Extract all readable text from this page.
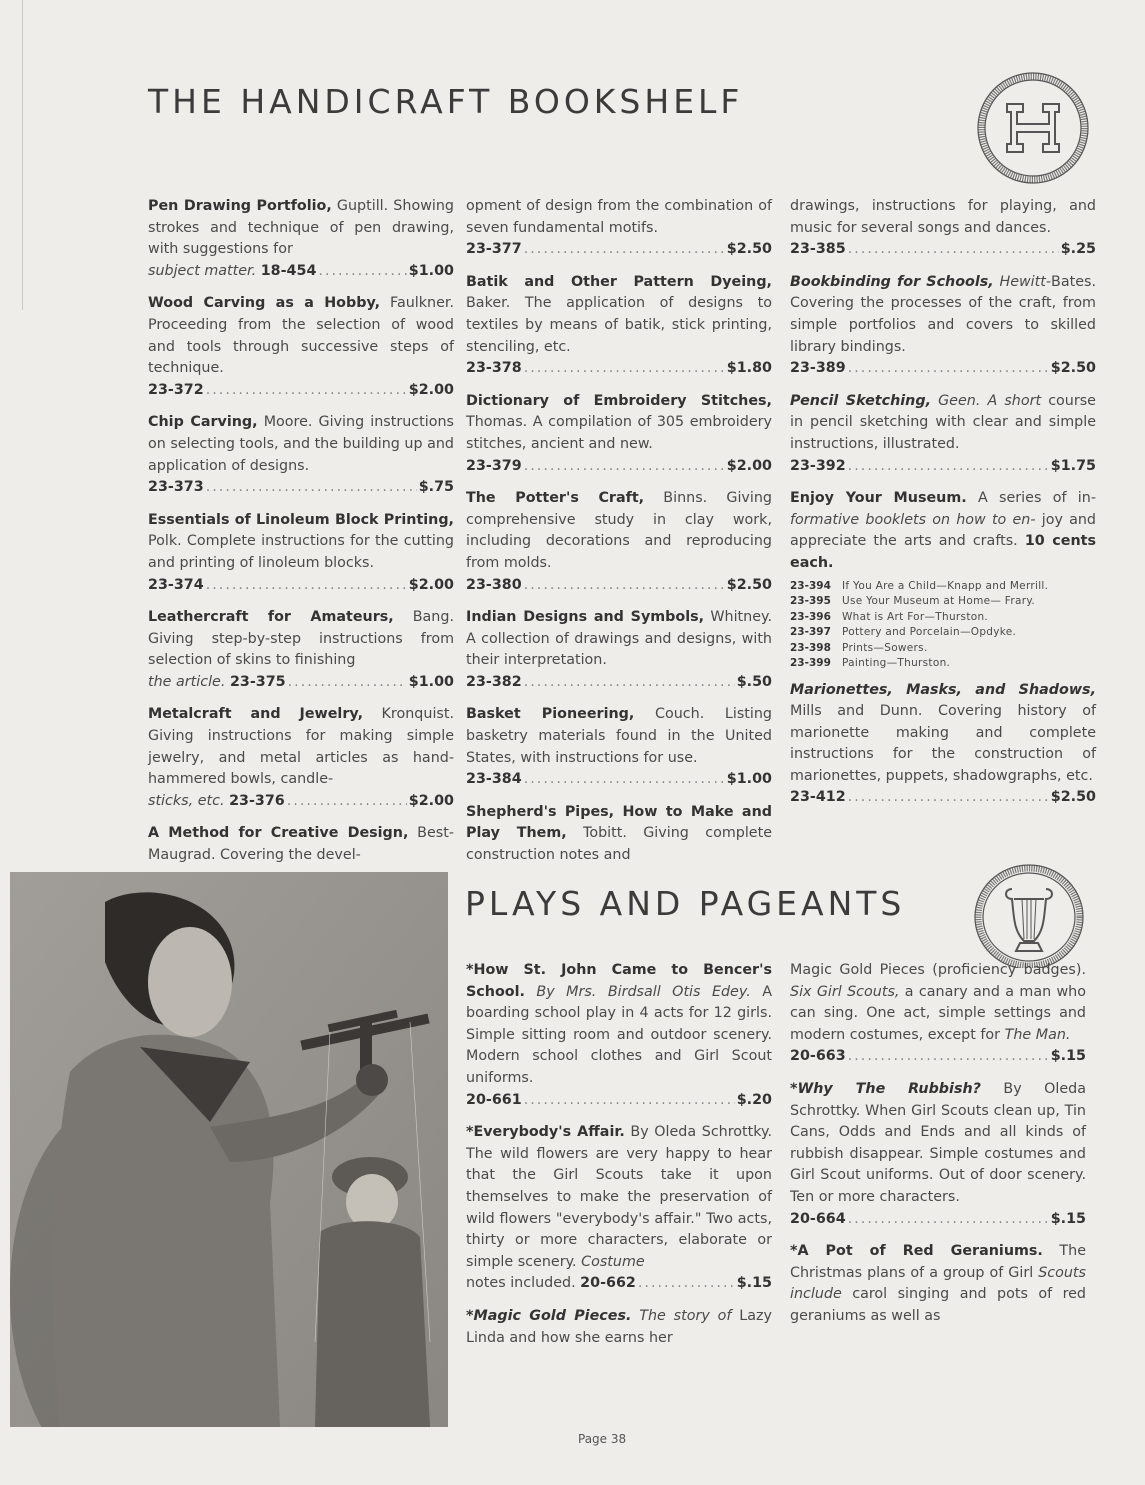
THE HANDICRAFT BOOKSHELF

Pen Drawing Portfolio, Guptill. Showing strokes and technique of pen drawing, with suggestions for

subject matter. 18-454 .....	$1.00

Wood Carving as a Hobby, Faulkner. Proceeding from the selection of wood and tools through successive steps of technique.

23-372 .....	$2.00

Chip Carving, Moore. Giving instructions on selecting tools, and the building up and application of designs.

23-373 .....	$.75

Essentials of Linoleum Block Printing, Polk. Complete instructions for the cutting and printing of linoleum blocks.

23-374 .....	$2.00

Leathercraft for Amateurs, Bang. Giving step-by-step instructions from selection of skins to finishing

the article. 23-375 .....	$1.00

Metalcraft and Jewelry, Kronquist. Giving instructions for making simple jewelry, and metal articles as hand-hammered bowls, candle-

sticks, etc. 23-376 .....	$2.00

A Method for Creative Design, Best-Maugrad. Covering the devel-

opment of design from the combination of seven fundamental motifs.

23-377 .....	$2.50

Batik and Other Pattern Dyeing, Baker. The application of designs to textiles by means of batik, stick printing, stenciling, etc.

23-378 .....	$1.80

Dictionary of Embroidery Stitches, Thomas. A compilation of 305 embroidery stitches, ancient and new.

23-379 .....	$2.00

The Potter's Craft, Binns. Giving comprehensive study in clay work, including decorations and reproducing from molds.

23-380 .....	$2.50

Indian Designs and Symbols, Whitney. A collection of drawings and designs, with their interpretation.

23-382 .....	$.50

Basket Pioneering, Couch. Listing basketry materials found in the United States, with instructions for use.

23-384 .....	$1.00

Shepherd's Pipes, How to Make and Play Them, Tobitt. Giving complete construction notes and

drawings, instructions for playing, and music for several songs and dances.

23-385 .....	$.25

Bookbinding for Schools, Hewitt-Bates. Covering the processes of the craft, from simple portfolios and covers to skilled library bindings.

23-389 .....	$2.50

Pencil Sketching, Geen. A short course in pencil sketching with clear and simple instructions, illustrated.

23-392 .....	$1.75

Enjoy Your Museum. A series of in-formative booklets on how to en- joy and appreciate the arts and crafts. 10 cents each.

23-394	If You Are a Child—Knapp and Merrill.
23-395	Use Your Museum at Home— Frary.
23-396	What is Art For—Thurston.
23-397	Pottery and Porcelain—Opdyke.
23-398	Prints—Sowers.
23-399	Painting—Thurston.

Marionettes, Masks, and Shadows, Mills and Dunn. Covering history of marionette making and complete instructions for the construction of marionettes, puppets, shadowgraphs, etc.

23-412 .....	$2.50
PLAYS AND PAGEANTS

*How St. John Came to Bencer's School. By Mrs. Birdsall Otis Edey. A boarding school play in 4 acts for 12 girls. Simple sitting room and outdoor scenery. Modern school clothes and Girl Scout uniforms.

20-661 .....	$.20

*Everybody's Affair. By Oleda Schrottky. The wild flowers are very happy to hear that the Girl Scouts take it upon themselves to make the preservation of wild flowers "everybody's affair." Two acts, thirty or more characters, elaborate or simple scenery. Costume

notes included. 20-662 .....	$.15

*Magic Gold Pieces. The story of Lazy Linda and how she earns her

Magic Gold Pieces (proficiency badges). Six Girl Scouts, a canary and a man who can sing. One act, simple settings and modern costumes, except for The Man.

20-663 .....	$.15

*Why The Rubbish? By Oleda Schrottky. When Girl Scouts clean up, Tin Cans, Odds and Ends and all kinds of rubbish disappear. Simple costumes and Girl Scout uniforms. Out of door scenery. Ten or more characters.

20-664 .....	$.15

*A Pot of Red Geraniums. The Christmas plans of a group of Girl Scouts include carol singing and pots of red geraniums as well as

Page 38
